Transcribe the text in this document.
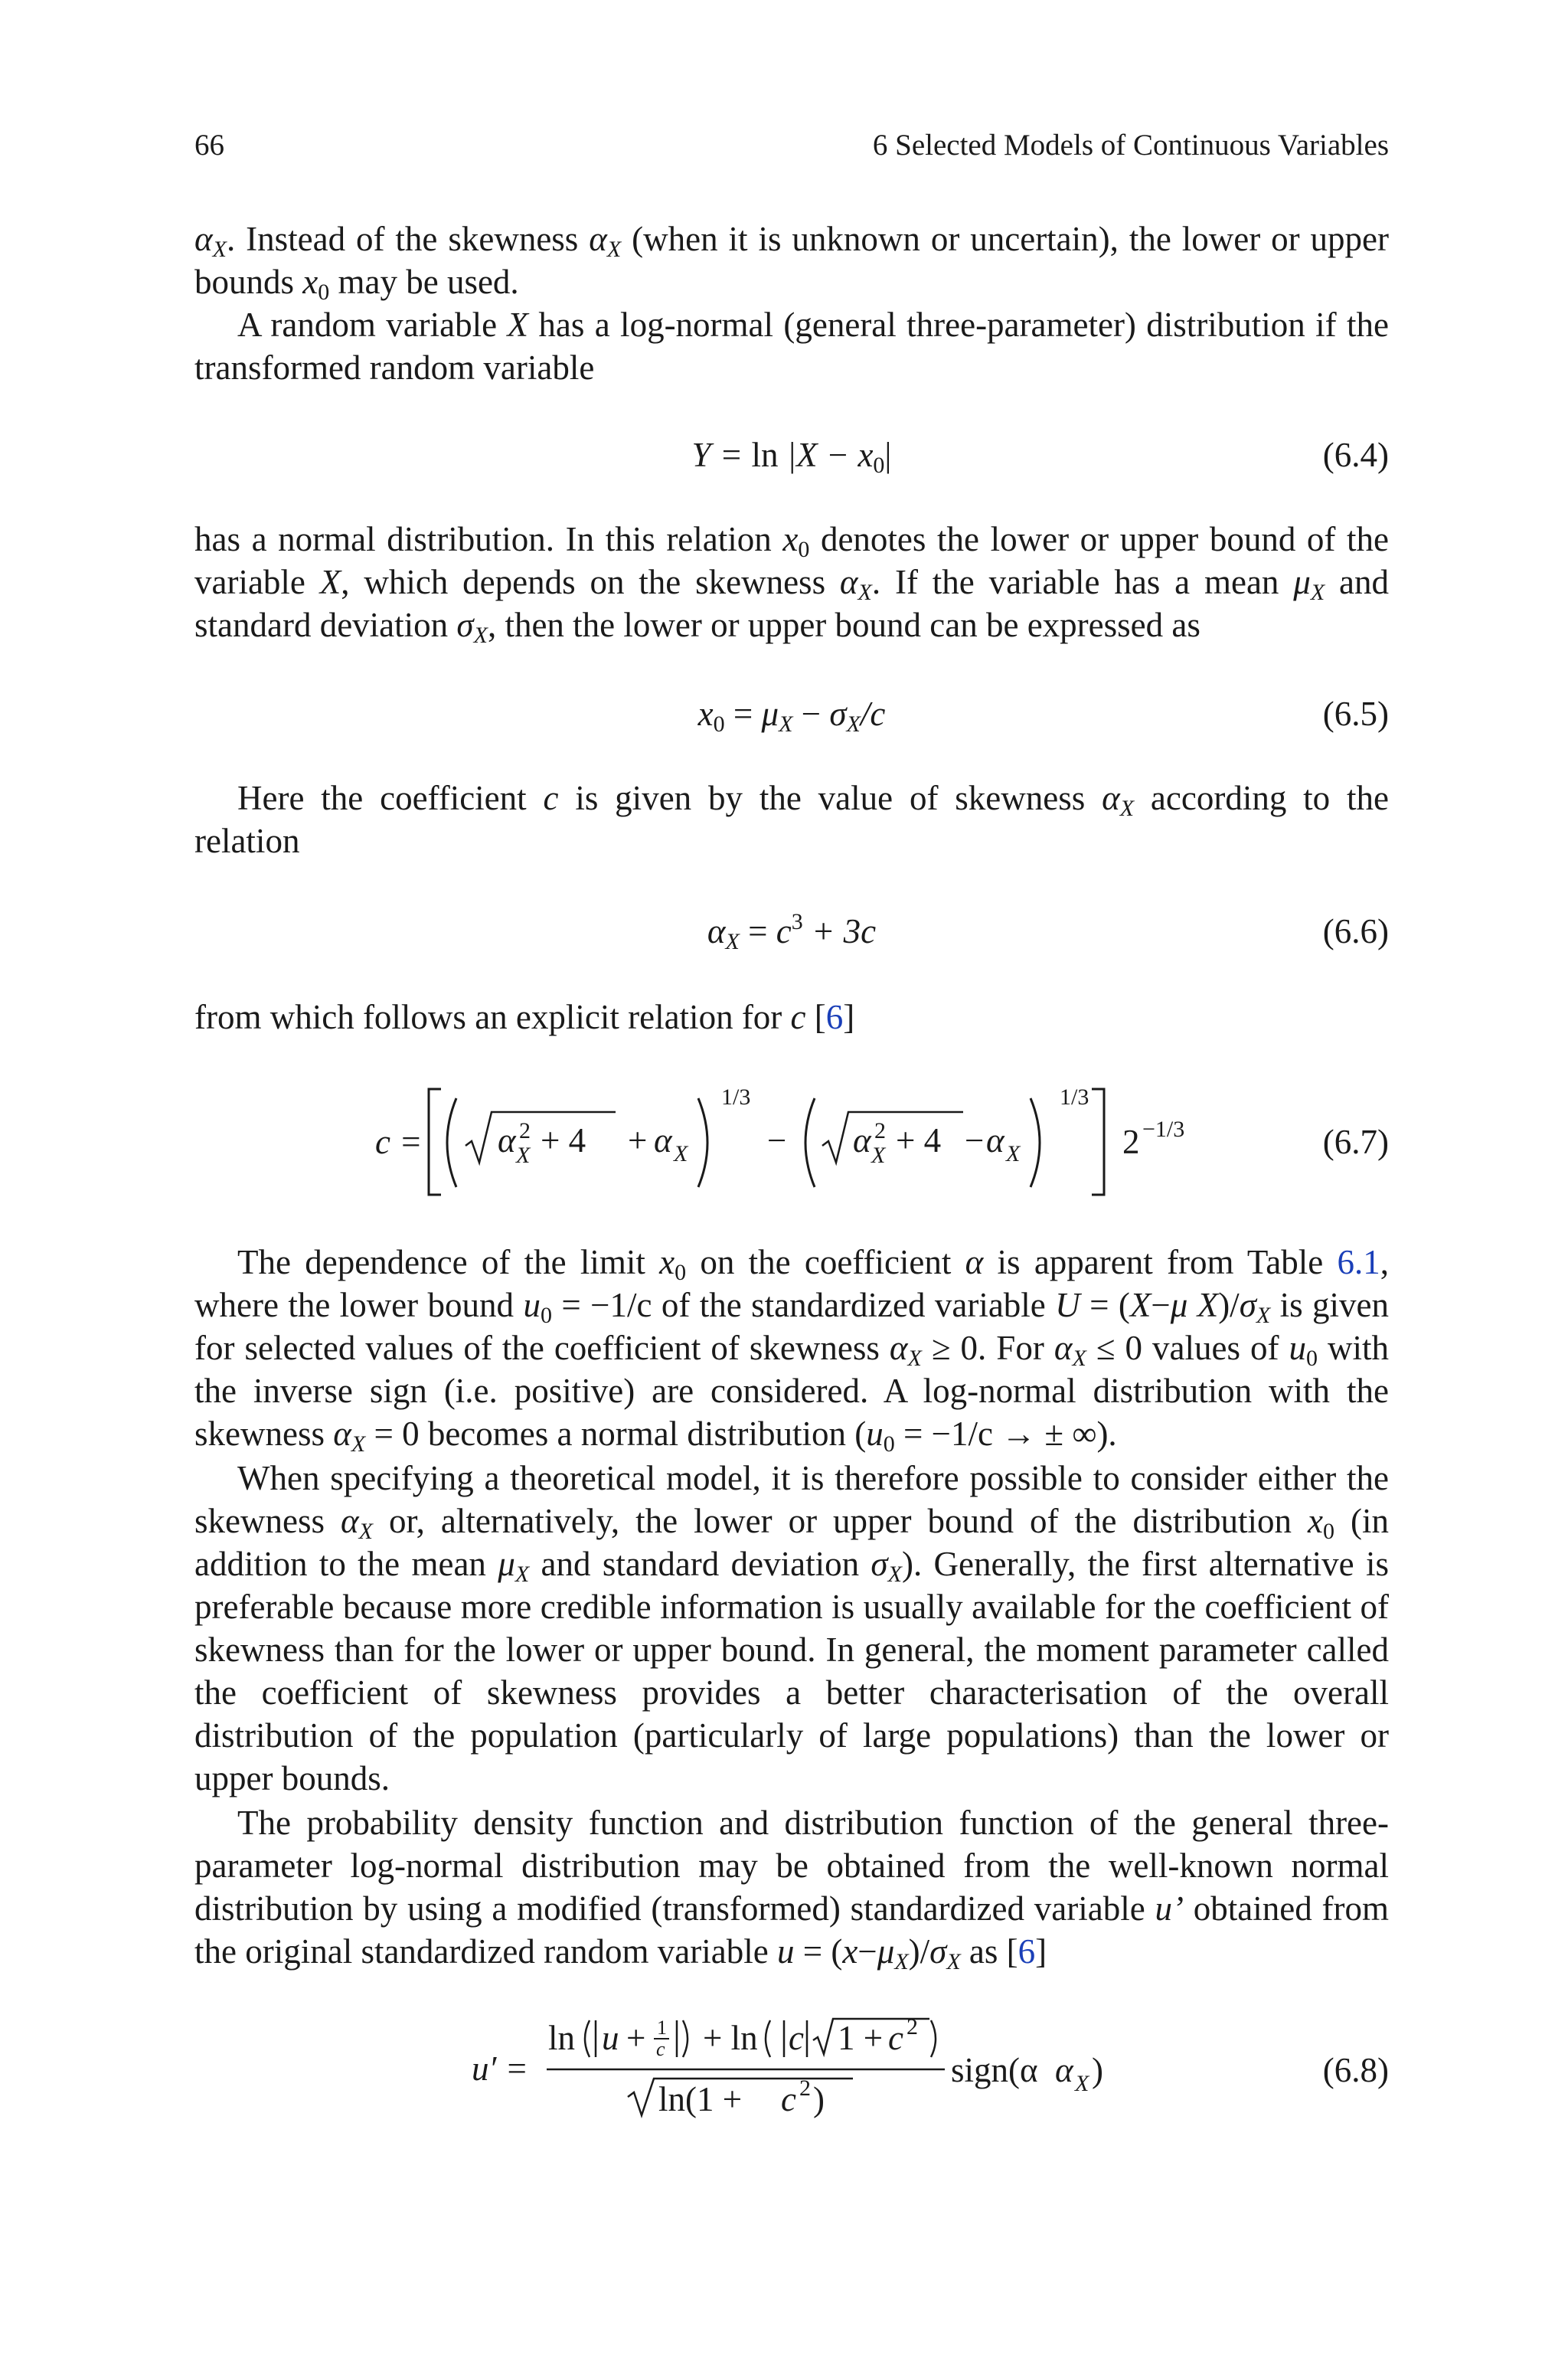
66	6 Selected Models of Continuous Variables
$\alpha_X$. Instead of the skewness $\alpha_X$ (when it is unknown or uncertain), the lower or upper bounds $x_0$ may be used.
A random variable X has a log-normal (general three-parameter) distribution if the transformed random variable
$Y = \ln |X - x_0|$	(6.4)
has a normal distribution. In this relation $x_0$ denotes the lower or upper bound of the variable X, which depends on the skewness $\alpha_X$. If the variable has a mean $\mu_X$ and standard deviation $\sigma_X$, then the lower or upper bound can be expressed as
$x_0 = \mu_X - \sigma_X/c$	(6.5)
Here the coefficient c is given by the value of skewness $\alpha_X$ according to the relation
$\alpha_X = c^3 + 3c$	(6.6)
from which follows an explicit relation for c [6]
c = α 2
X + 4 + α X
1/3
− α 2
X + 4 − α X
1/3
2 −1/3	(6.7)
The dependence of the limit $x_0$ on the coefficient α is apparent from Table 6.1, where the lower bound $u_0 = -1/c$ of the standardized variable U = (X−μ $X)/\sigma_X$ is given for selected values of the coefficient of skewness $\alpha_X \ge 0$. For $\alpha_X \le 0$ values of $u_0$ with the inverse sign (i.e. positive) are considered. A log-normal distribution with the skewness $\alpha_X = 0$ becomes a normal distribution ($u_0 = -1/c$ → ± ∞).
When specifying a theoretical model, it is therefore possible to consider either the skewness $\alpha_X$ or, alternatively, the lower or upper bound of the distribution $x_0$ (in addition to the mean $\mu_X$ and standard deviation $\sigma_X$). Generally, the first alternative is preferable because more credible information is usually available for the coefficient of skewness than for the lower or upper bound. In general, the moment parameter called the coefficient of skewness provides a better characterisation of the overall distribution of the population (particularly of large populations) than the lower or upper bounds.
The probability density function and distribution function of the general three-parameter log-normal distribution may be obtained from the well-known normal distribution by using a modified (transformed) standardized variable u’ obtained from the original standardized random variable $u = (x-\mu_X)/\sigma_X$ as [6]
u′ =
ln u + 1
c + ln c 1 + c 2
ln(1 + c 2 )
sign(α α X )	(6.8)
